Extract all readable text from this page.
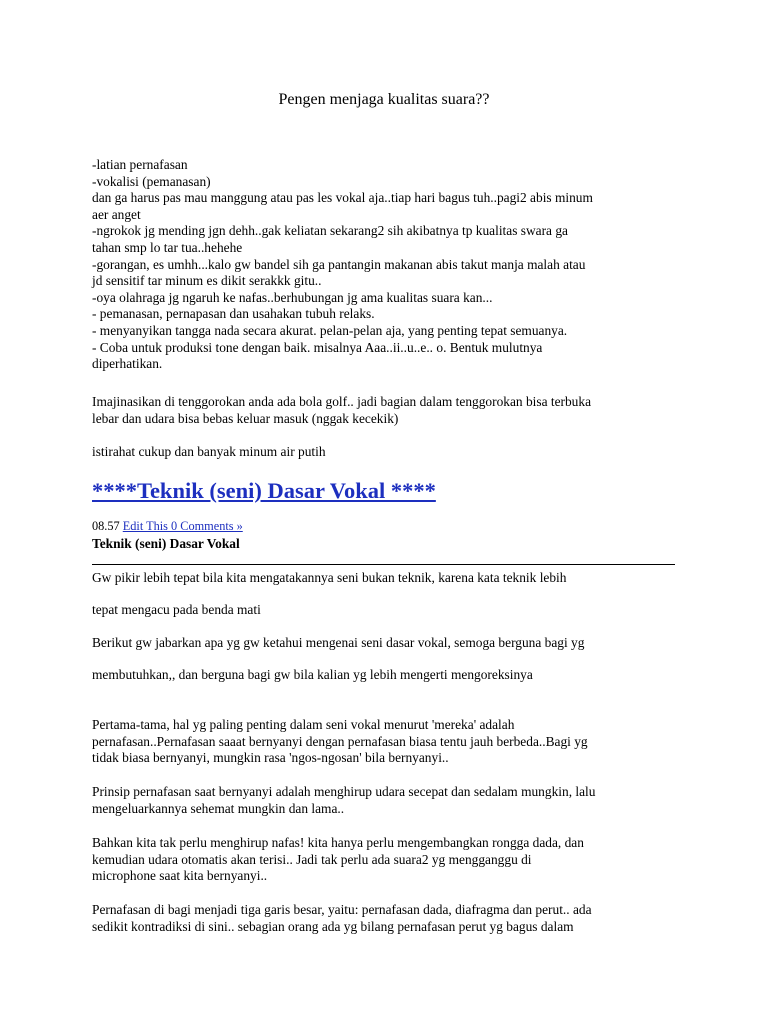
Pengen menjaga kualitas suara??

-latian pernafasan

-vokalisi (pemanasan)

dan ga harus pas mau manggung atau pas les vokal aja..tiap hari bagus tuh..pagi2 abis minum

aer anget

-ngrokok jg mending jgn dehh..gak keliatan sekarang2 sih akibatnya tp kualitas swara ga

tahan smp lo tar tua..hehehe

-gorangan, es umhh...kalo gw bandel sih ga pantangin makanan abis takut manja malah atau

jd sensitif tar minum es dikit serakkk gitu..

-oya olahraga jg ngaruh ke nafas..berhubungan jg ama kualitas suara kan...

- pemanasan, pernapasan dan usahakan tubuh relaks.

- menyanyikan tangga nada secara akurat. pelan-pelan aja, yang penting tepat semuanya.

- Coba untuk produksi tone dengan baik. misalnya Aaa..ii..u..e.. o. Bentuk mulutnya

diperhatikan.

Imajinasikan di tenggorokan anda ada bola golf.. jadi bagian dalam tenggorokan bisa terbuka

lebar dan udara bisa bebas keluar masuk (nggak kecekik)

istirahat cukup dan banyak minum air putih

****Teknik (seni) Dasar Vokal ****
08.57 Edit This 0 Comments »
Teknik (seni) Dasar Vokal

Gw pikir lebih tepat bila kita mengatakannya seni bukan teknik, karena kata teknik lebih

tepat mengacu pada benda mati

Berikut gw jabarkan apa yg gw ketahui mengenai seni dasar vokal, semoga berguna bagi yg

membutuhkan,, dan berguna bagi gw bila kalian yg lebih mengerti mengoreksinya

Pertama-tama, hal yg paling penting dalam seni vokal menurut 'mereka' adalah

pernafasan..Pernafasan saaat bernyanyi dengan pernafasan biasa tentu jauh berbeda..Bagi yg

tidak biasa bernyanyi, mungkin rasa 'ngos-ngosan' bila bernyanyi..

Prinsip pernafasan saat bernyanyi adalah menghirup udara secepat dan sedalam mungkin, lalu

mengeluarkannya sehemat mungkin dan lama..

Bahkan kita tak perlu menghirup nafas! kita hanya perlu mengembangkan rongga dada, dan

kemudian udara otomatis akan terisi.. Jadi tak perlu ada suara2 yg mengganggu di

microphone saat kita bernyanyi..

Pernafasan di bagi menjadi tiga garis besar, yaitu: pernafasan dada, diafragma dan perut.. ada

sedikit kontradiksi di sini.. sebagian orang ada yg bilang pernafasan perut yg bagus dalam
